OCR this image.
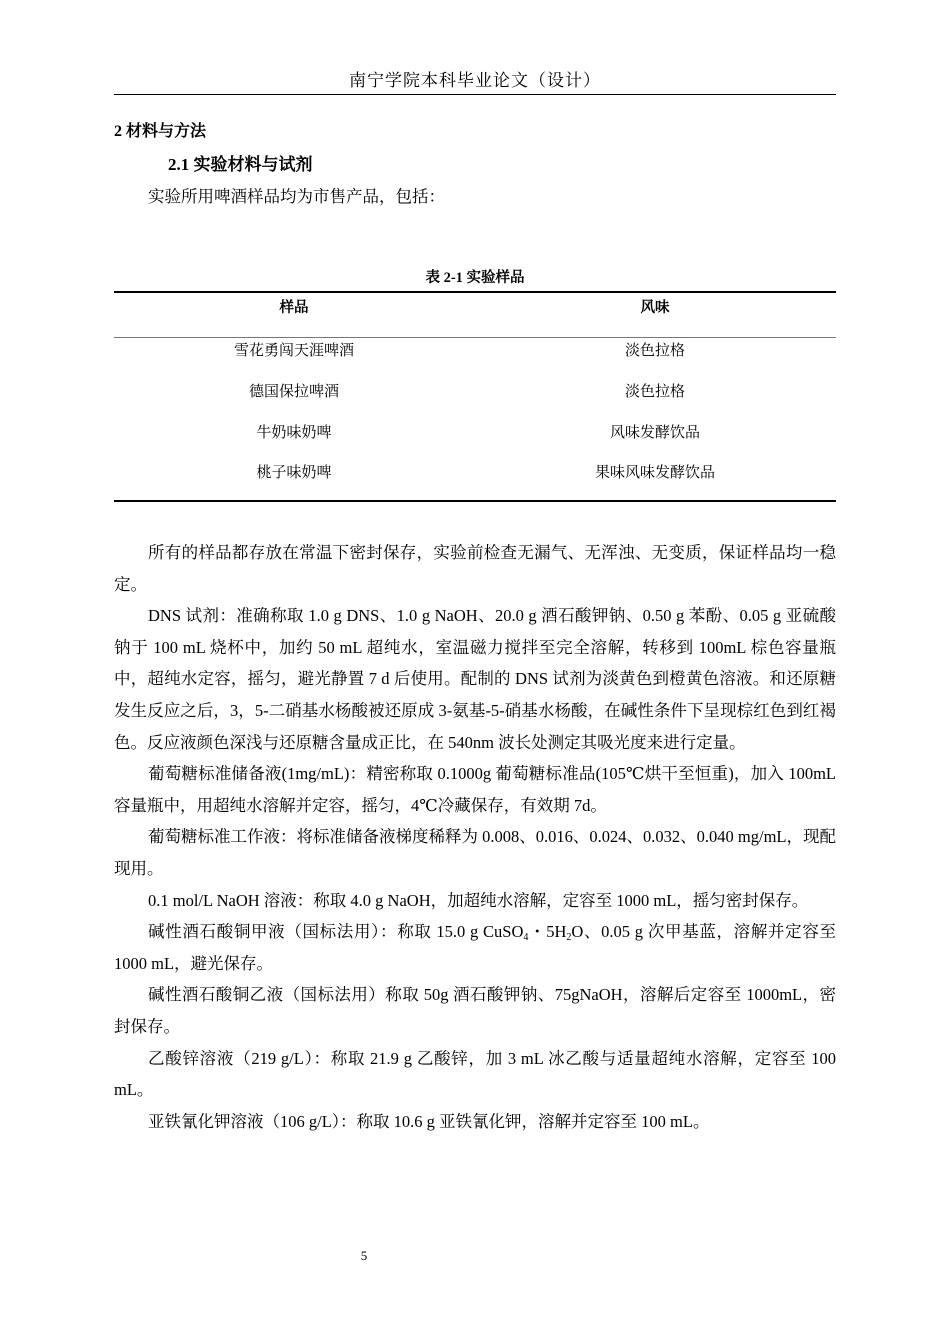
南宁学院本科毕业论文（设计）
2 材料与方法
2.1 实验材料与试剂
实验所用啤酒样品均为市售产品，包括：
表 2-1 实验样品
样品	风味
雪花勇闯天涯啤酒	淡色拉格
德国保拉啤酒	淡色拉格
牛奶味奶啤	风味发酵饮品
桃子味奶啤	果味风味发酵饮品

所有的样品都存放在常温下密封保存，实验前检查无漏气、无浑浊、无变质，保证样品均一稳定。

DNS 试剂：准确称取 1.0 g DNS、1.0 g NaOH、20.0 g 酒石酸钾钠、0.50 g 苯酚、0.05 g 亚硫酸钠于 100 mL 烧杯中，加约 50 mL 超纯水，室温磁力搅拌至完全溶解，转移到 100mL 棕色容量瓶中，超纯水定容，摇匀，避光静置 7 d 后使用。配制的 DNS 试剂为淡黄色到橙黄色溶液。和还原糖发生反应之后，3，5-二硝基水杨酸被还原成 3-氨基-5-硝基水杨酸，在碱性条件下呈现棕红色到红褐色。反应液颜色深浅与还原糖含量成正比，在 540nm 波长处测定其吸光度来进行定量。

葡萄糖标准储备液(1mg/mL)：精密称取 0.1000g 葡萄糖标准品(105℃烘干至恒重)，加入 100mL 容量瓶中，用超纯水溶解并定容，摇匀，4℃冷藏保存，有效期 7d。

葡萄糖标准工作液：将标准储备液梯度稀释为 0.008、0.016、0.024、0.032、0.040 mg/mL，现配现用。

0.1 mol/L NaOH 溶液：称取 4.0 g NaOH，加超纯水溶解，定容至 1000 mL，摇匀密封保存。

碱性酒石酸铜甲液（国标法用）：称取 15.0 g CuSO$_4$・$5H_2O$、0.05 g 次甲基蓝，溶解并定容至 1000 mL，避光保存。

碱性酒石酸铜乙液（国标法用）称取 50g 酒石酸钾钠、75gNaOH，溶解后定容至 1000mL，密封保存。

乙酸锌溶液（219 g/L）：称取 21.9 g 乙酸锌，加 3 mL 冰乙酸与适量超纯水溶解，定容至 100 mL。

亚铁氰化钾溶液（106 g/L）：称取 10.6 g 亚铁氰化钾，溶解并定容至 100 mL。

5
